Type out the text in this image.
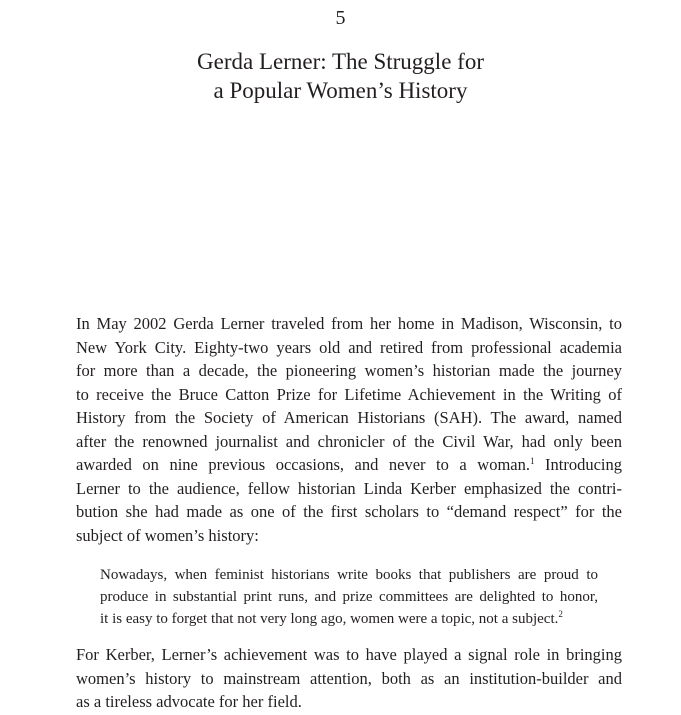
5
Gerda Lerner: The Struggle for
a Popular Women’s History
In May 2002 Gerda Lerner traveled from her home in Madison, Wisconsin, to
New York City. Eighty-two years old and retired from professional academia
for more than a decade, the pioneering women’s historian made the journey
to receive the Bruce Catton Prize for Lifetime Achievement in the Writing of
History from the Society of American Historians (SAH). The award, named
after the renowned journalist and chronicler of the Civil War, had only been
awarded on nine previous occasions, and never to a woman.$^1$ Introducing
Lerner to the audience, fellow historian Linda Kerber emphasized the contri-
bution she had made as one of the first scholars to “demand respect” for the
subject of women’s history:
Nowadays, when feminist historians write books that publishers are proud to
produce in substantial print runs, and prize committees are delighted to honor,
it is easy to forget that not very long ago, women were a topic, not a subject.$^2$
For Kerber, Lerner’s achievement was to have played a signal role in bringing
women’s history to mainstream attention, both as an institution-builder and
as a tireless advocate for her field.
